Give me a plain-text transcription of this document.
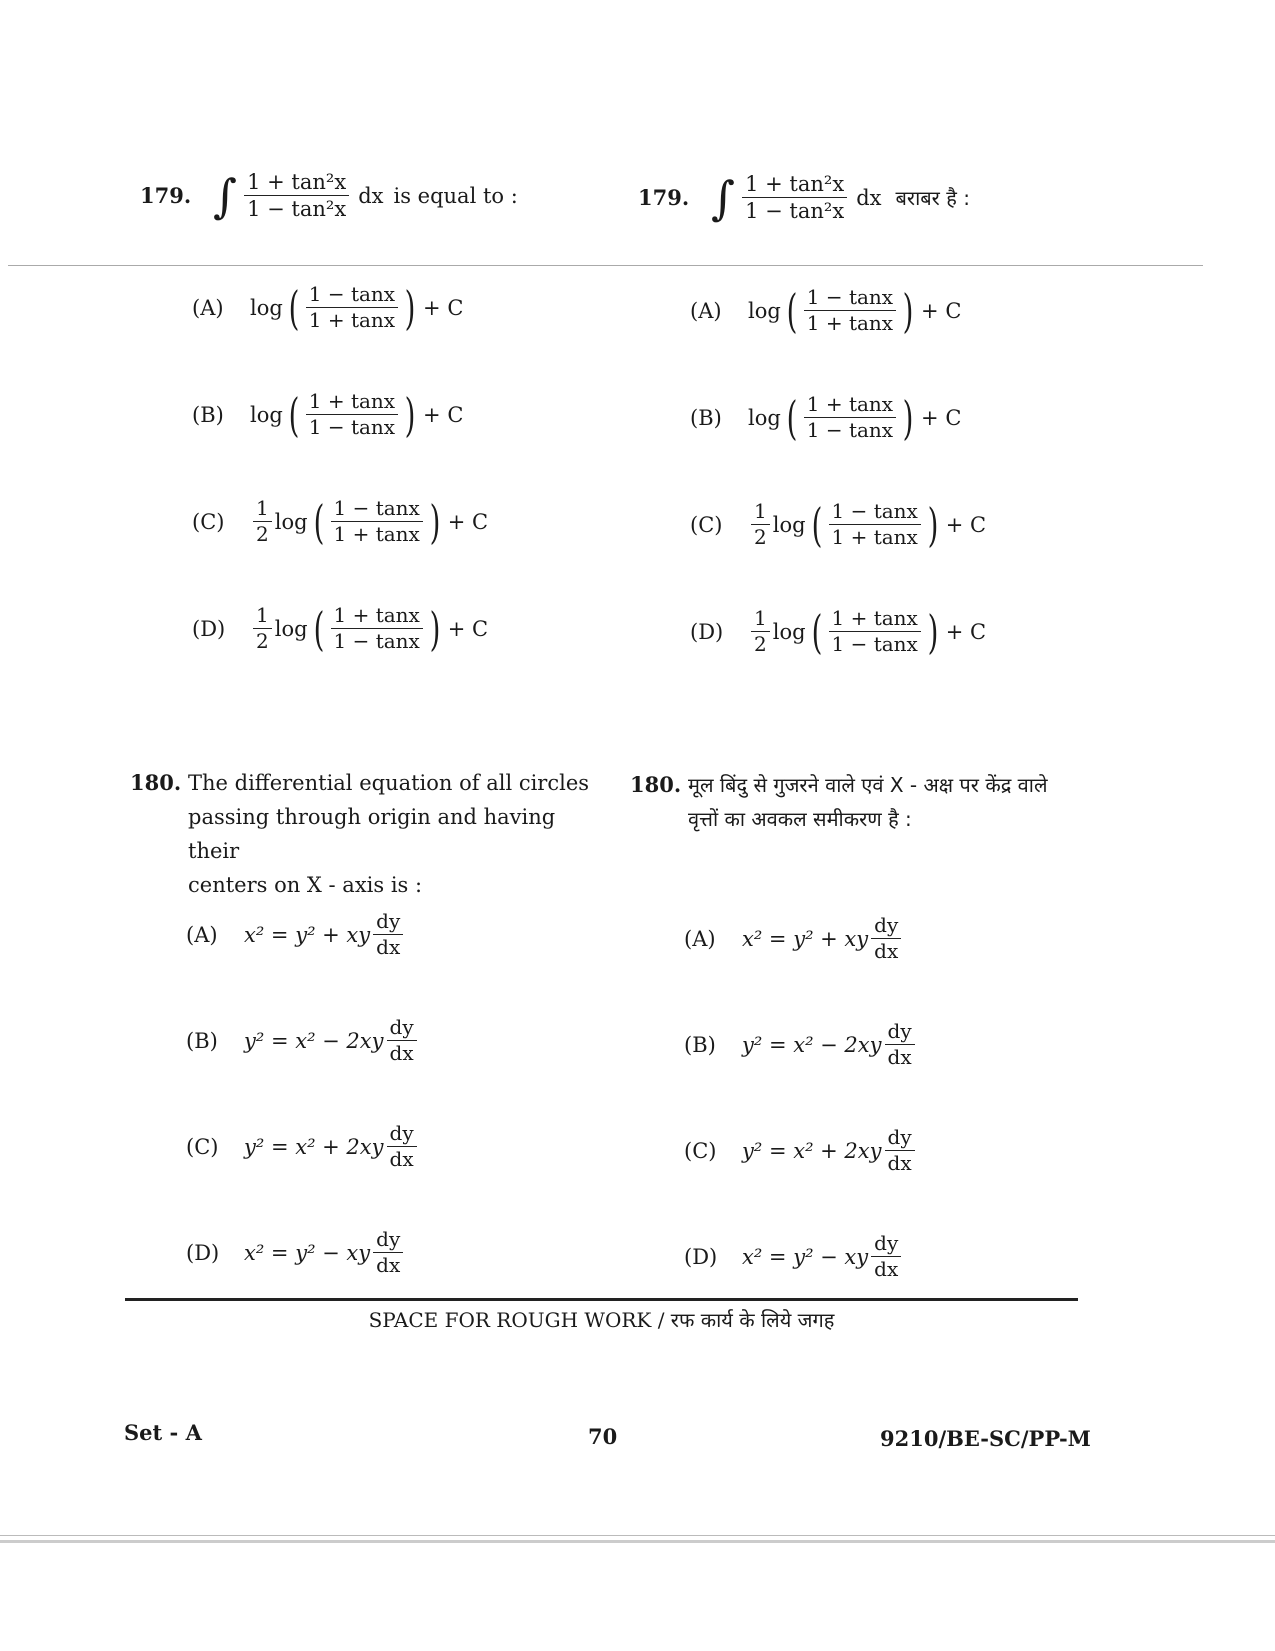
179. ∫ $\frac{\text{1 + tan²x}}{\text{1 − tan²x}}$ dx is equal to :	179. ∫ $\frac{\text{1 + tan²x}}{\text{1 − tan²x}}$ dx बराबर है :
(A)	log ( $\frac{1 - \tan x}{1 + \tan x}$ ) + C
(B)	log ( $\frac{1 + \tan x}{1 - \tan x}$ ) + C
(C)	$\frac{1}{2}$ log ( $\frac{1 - \tan x}{1 + \tan x}$ ) + C
(D)	$\frac{1}{2}$ log ( $\frac{1 + \tan x}{1 - \tan x}$ ) + C
(A)	log ( $\frac{1 - \tan x}{1 + \tan x}$ ) + C
(B)	log ( $\frac{1 + \tan x}{1 - \tan x}$ ) + C
(C)	$\frac{1}{2}$ log ( $\frac{1 - \tan x}{1 + \tan x}$ ) + C
(D)	$\frac{1}{2}$ log ( $\frac{1 + \tan x}{1 - \tan x}$ ) + C
180. The differential equation of all circles
passing through origin and having their
centers on X - axis is :
180. मूल बिंदु से गुजरने वाले एवं X - अक्ष पर केंद्र वाले
वृत्तों का अवकल समीकरण है :
(A)	x² = y² + xy $\frac{dy}{dx}$
(B)	$y^2 = x^2 - 2xy \frac{dy}{dx}$
(C)	$y^2 = x^2 + 2xy \frac{dy}{dx}$
(D)	x² = y² − xy $\frac{dy}{dx}$
(A)	x² = y² + xy $\frac{dy}{dx}$
(B)	$y^2 = x^2 - 2xy \frac{dy}{dx}$
(C)	$y^2 = x^2 + 2xy \frac{dy}{dx}$
(D)	x² = y² − xy $\frac{dy}{dx}$
SPACE FOR ROUGH WORK / रफ कार्य के लिये जगह
Set - A	70	9210/BE-SC/PP-M
